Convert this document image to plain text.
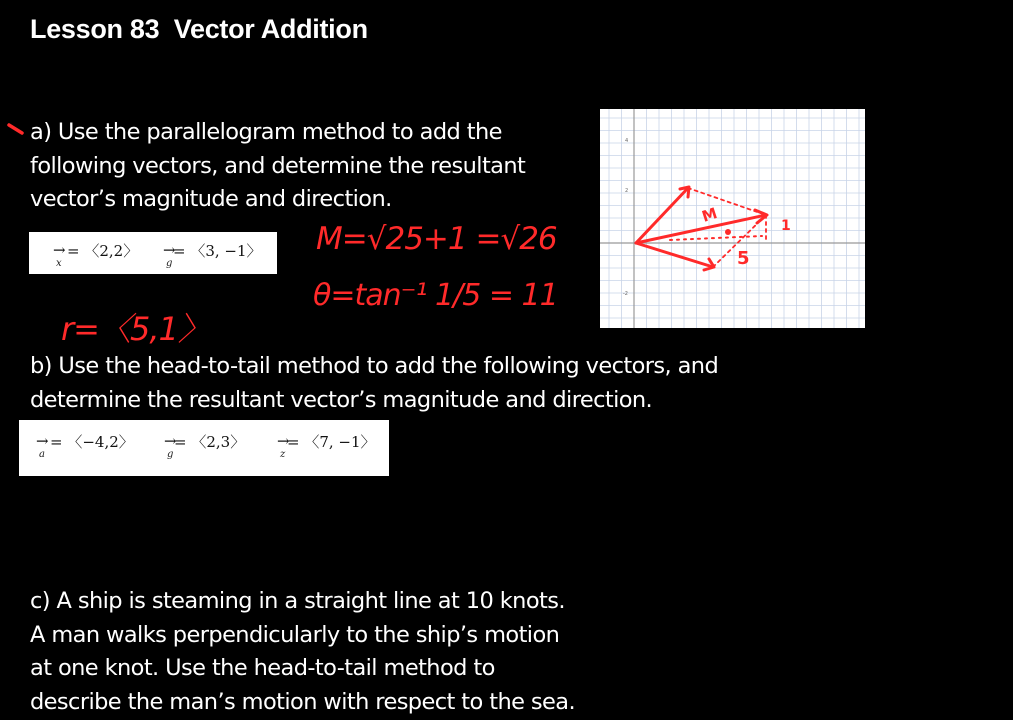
Lesson 83  Vector Addition
a) Use the parallelogram method to add the
following vectors, and determine the resultant
vector’s magnitude and direction.
→ = 〈2,2〉
x
→
= 〈3, −1〉
g
4
2
-2
M
5
1
M=√25+1 =√26
θ=tan⁻¹ 1/5 = 11
r=〈5,1〉
b) Use the head-to-tail method to add the following vectors, and
determine the resultant vector’s magnitude and direction.
→ = 〈−4,2〉
a
→
= 〈2,3〉
g
→
= 〈7, −1〉
z
c) A ship is steaming in a straight line at 10 knots.
A man walks perpendicularly to the ship’s motion
at one knot. Use the head-to-tail method to
describe the man’s motion with respect to the sea.
